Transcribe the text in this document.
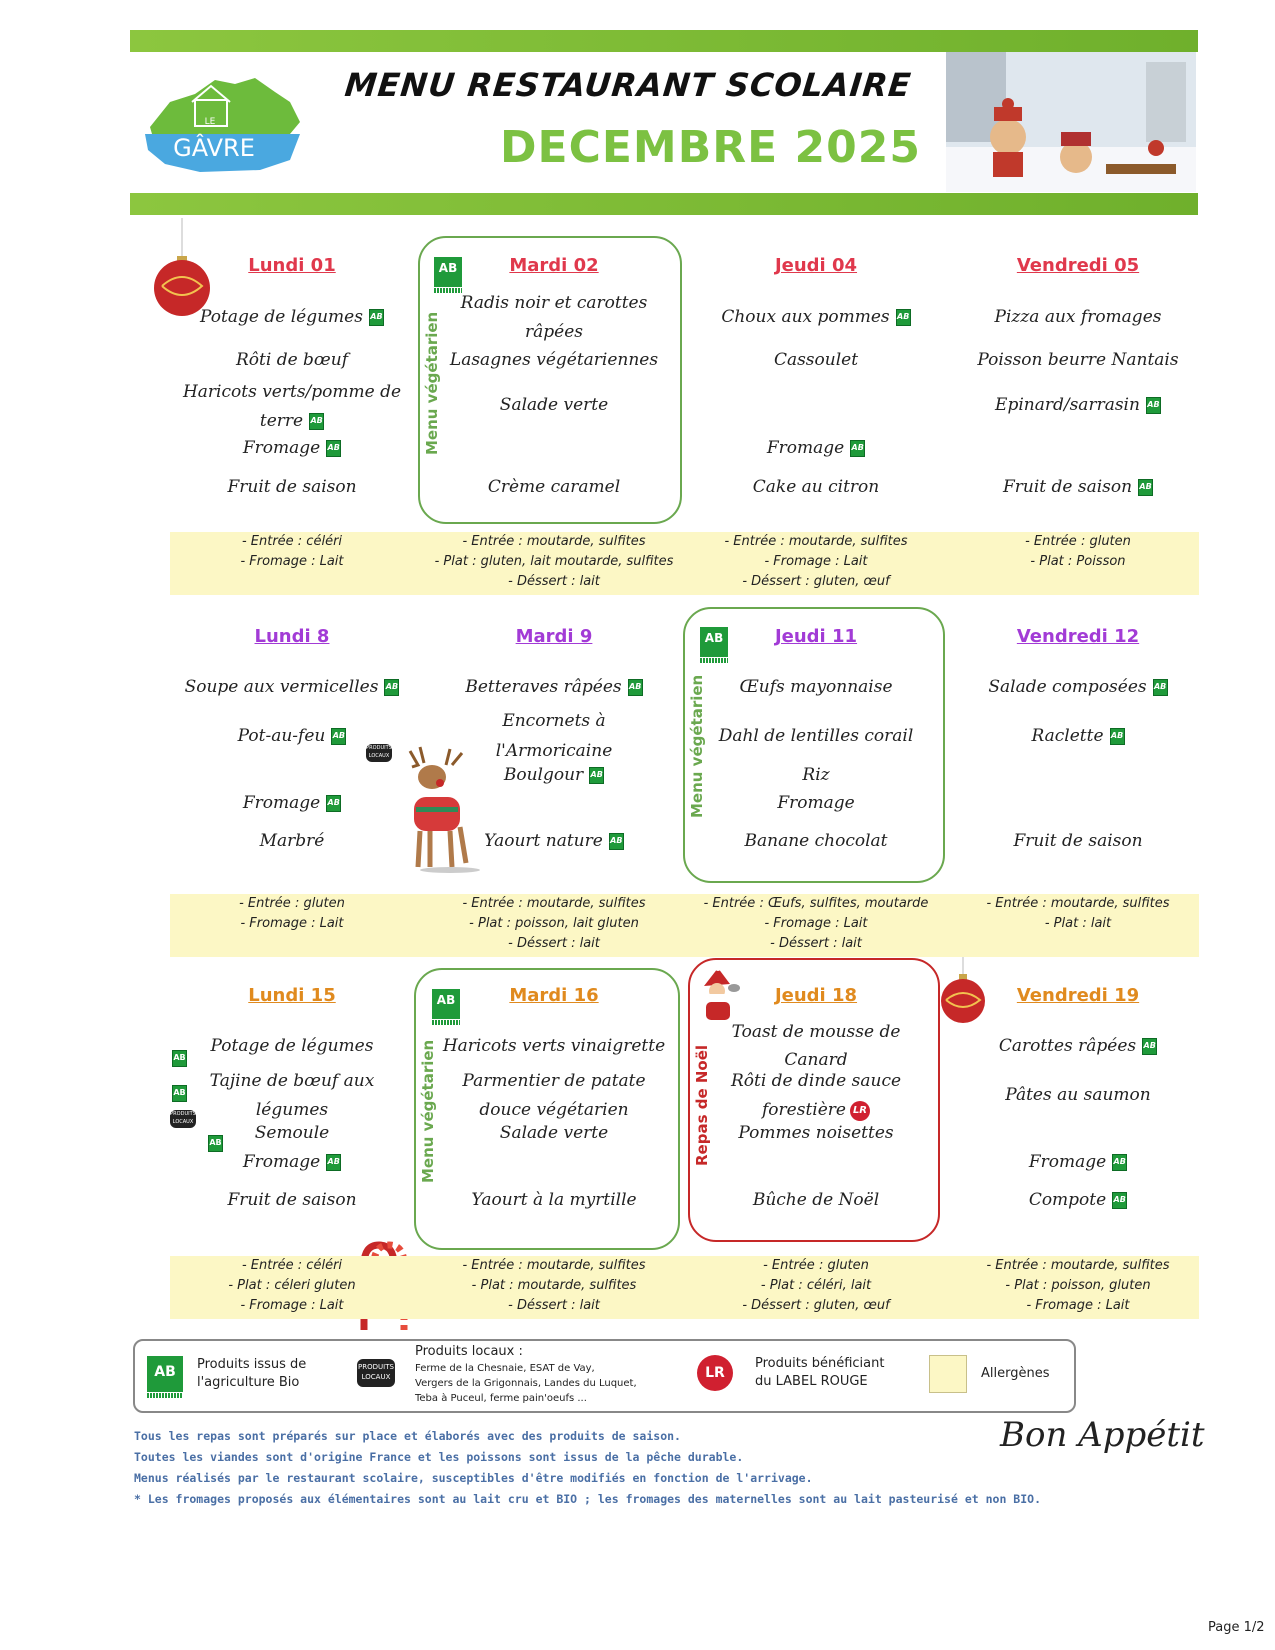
LE
GÂVRE
MENU RESTAURANT SCOLAIRE
DECEMBRE 2025
Menu végétarien
AB
Lundi 01
Potage de légumes AB
Rôti de bœuf
Haricots verts/pomme de
terre AB
Fromage AB
Fruit de saison
Mardi 02
Radis noir et carottes
râpées
Lasagnes végétariennes
Salade verte
Crème caramel
Jeudi 04
Choux aux pommes AB
Cassoulet
Fromage AB
Cake au citron
Vendredi 05
Pizza aux fromages
Poisson beurre Nantais
Epinard/sarrasin AB
Fruit de saison AB
- Entrée : céléri
- Fromage : Lait
- Entrée : moutarde, sulfites
- Plat : gluten, lait moutarde, sulfites
- Déssert : lait
- Entrée : moutarde, sulfites
- Fromage : Lait
- Déssert : gluten, œuf
- Entrée : gluten
- Plat : Poisson
Menu végétarien
AB
Lundi 8
Soupe aux vermicelles AB
Pot-au-feu AB
PRODUITS LOCAUX
Fromage AB
Marbré
Mardi 9
Betteraves râpées AB
Encornets à
l'Armoricaine
Boulgour AB
Yaourt nature AB
Jeudi 11
Œufs mayonnaise
Dahl de lentilles corail
Riz
Fromage
Banane chocolat
Vendredi 12
Salade composées AB
Raclette AB
Fruit de saison
- Entrée : gluten
- Fromage : Lait
- Entrée : moutarde, sulfites
- Plat : poisson, lait gluten
- Déssert : lait
- Entrée : Œufs, sulfites, moutarde
- Fromage : Lait
- Déssert : lait
- Entrée : moutarde, sulfites
- Plat : lait
Menu végétarien
AB
Repas de Noël
Lundi 15
Potage de légumes
Tajine de bœuf aux
légumes
Semoule
Fromage AB
Fruit de saison
AB
AB
PRODUITS LOCAUX
AB
Mardi 16
Haricots verts vinaigrette
Parmentier de patate
douce végétarien
Salade verte
Yaourt à la myrtille
Jeudi 18
Toast de mousse de
Canard
Rôti de dinde sauce
forestière LR
Pommes noisettes
Bûche de Noël
Vendredi 19
Carottes râpées AB
Pâtes au saumon
Fromage AB
Compote AB
- Entrée : céléri
- Plat : céleri gluten
- Fromage : Lait
- Entrée : moutarde, sulfites
- Plat : moutarde, sulfites
- Déssert : lait
- Entrée : gluten
- Plat : céléri, lait
- Déssert : gluten, œuf
- Entrée : moutarde, sulfites
- Plat : poisson, gluten
- Fromage : Lait
AB	Produits issus de
l'agriculture Bio
PRODUITS LOCAUX
Produits locaux :
Ferme de la Chesnaie, ESAT de Vay,
Vergers de la Grigonnais, Landes du Luquet,
Teba à Puceul, ferme pain'oeufs ...
LR
Produits bénéficiant
du LABEL ROUGE
Allergènes
Tous les repas sont préparés sur place et élaborés avec des produits de saison.
Toutes les viandes sont d'origine France et les poissons sont issus de la pêche durable.
Menus réalisés par le restaurant scolaire, susceptibles d'être modifiés en fonction de l'arrivage.
* Les fromages proposés aux élémentaires sont au lait cru et BIO ; les fromages des maternelles sont au lait pasteurisé et non BIO.
Bon Appétit
Page 1/2
